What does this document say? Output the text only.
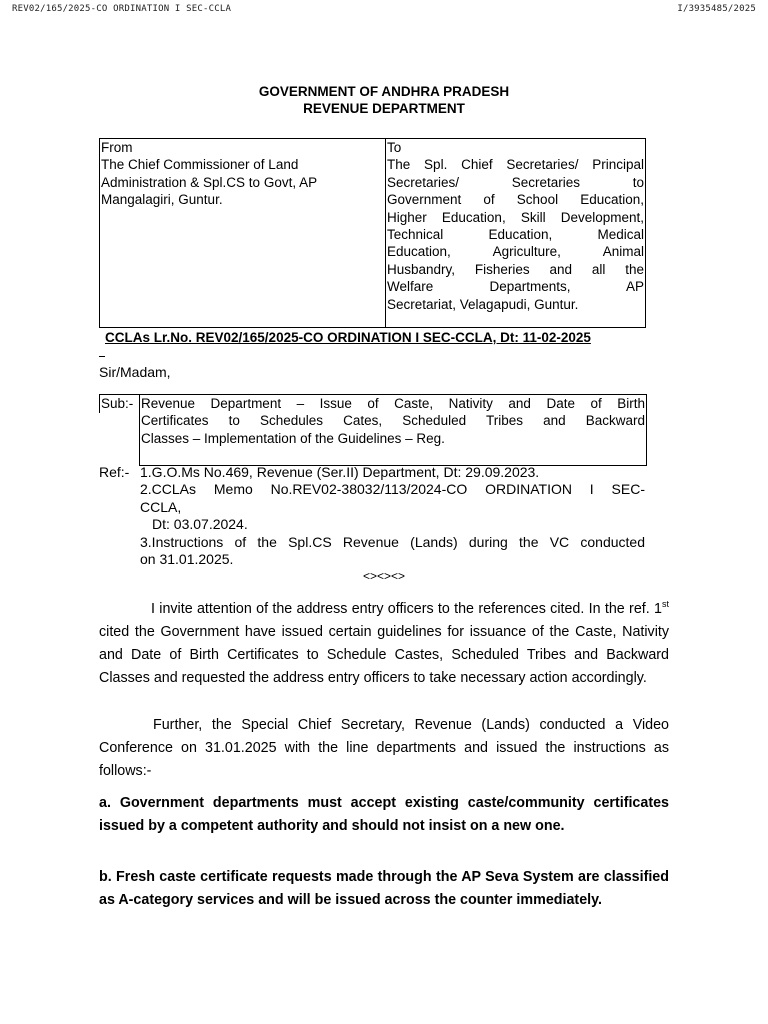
REV02/165/2025-CO ORDINATION I SEC-CCLA	I/3935485/2025
GOVERNMENT OF ANDHRA PRADESH
REVENUE DEPARTMENT
From
The Chief Commissioner of Land
Administration & Spl.CS to Govt, AP
Mangalagiri, Guntur.

To
The Spl. Chief Secretaries/ Principal
Secretaries/ Secretaries to
Government of School Education,
Higher Education, Skill Development,
Technical Education, Medical
Education, Agriculture, Animal
Husbandry, Fisheries and all the
Welfare Departments, AP
Secretariat, Velagapudi, Guntur.
CCLAs Lr.No. REV02/165/2025-CO ORDINATION I SEC-CCLA, Dt: 11-02-2025
Sir/Madam,
Sub:- Revenue Department – Issue of Caste, Nativity and Date of Birth
Certificates to Schedules Cates, Scheduled Tribes and Backward
Classes – Implementation of the Guidelines – Reg.
Ref:- 1.G.O.Ms No.469, Revenue (Ser.II) Department, Dt: 29.09.2023.
2.CCLAs Memo No.REV02-38032/113/2024-CO ORDINATION I SEC-
CCLA,
Dt: 03.07.2024.
3.Instructions of the Spl.CS Revenue (Lands) during the VC conducted
on 31.01.2025.
<><><>
I invite attention of the address entry officers to the references cited. In the ref. 1st cited the Government have issued certain guidelines for issuance of the Caste, Nativity and Date of Birth Certificates to Schedule Castes, Scheduled Tribes and Backward Classes and requested the address entry officers to take necessary action accordingly.
Further, the Special Chief Secretary, Revenue (Lands) conducted a Video Conference on 31.01.2025 with the line departments and issued the instructions as follows:-
a. Government departments must accept existing caste/community certificates issued by a competent authority and should not insist on a new one.
b. Fresh caste certificate requests made through the AP Seva System are classified as A-category services and will be issued across the counter immediately.
